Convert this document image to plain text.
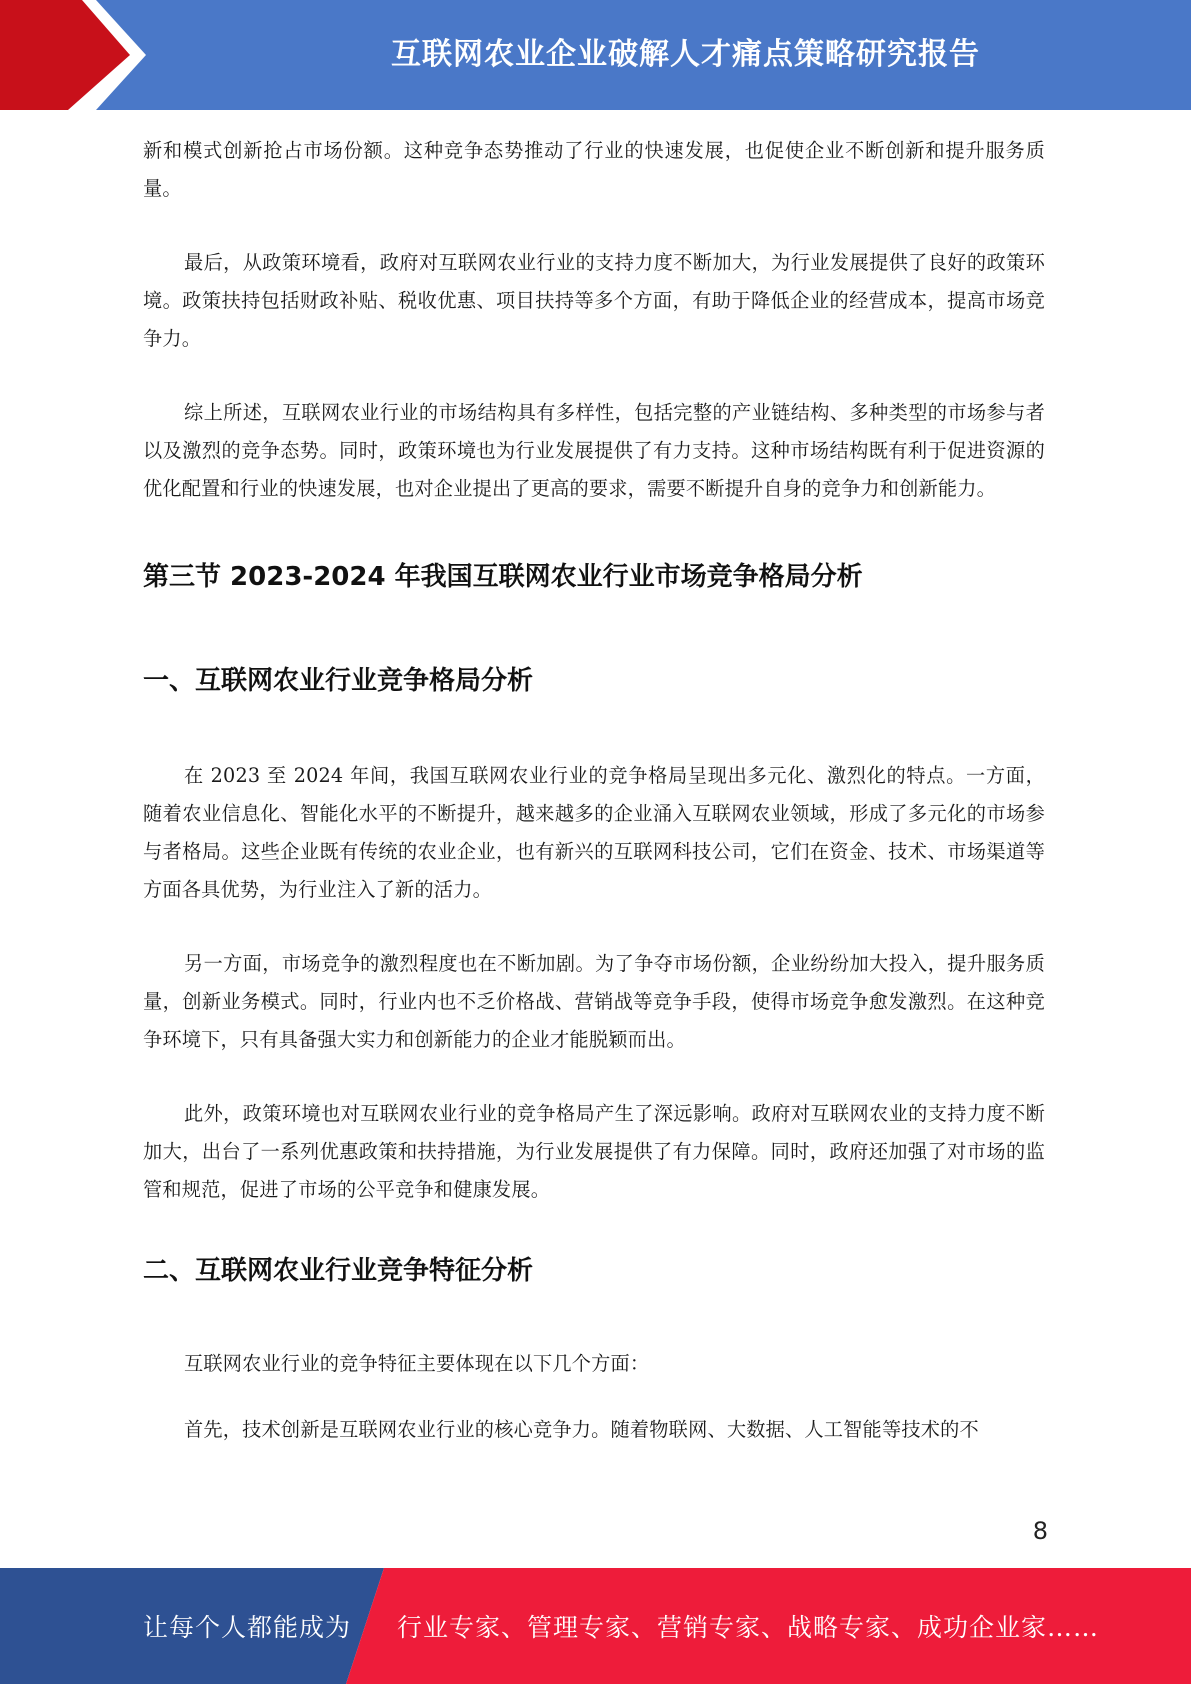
互联网农业企业破解人才痛点策略研究报告

新和模式创新抢占市场份额。这种竞争态势推动了行业的快速发展，也促使企业不断创新和提升服务质量。

最后，从政策环境看，政府对互联网农业行业的支持力度不断加大，为行业发展提供了良好的政策环境。政策扶持包括财政补贴、税收优惠、项目扶持等多个方面，有助于降低企业的经营成本，提高市场竞争力。

综上所述，互联网农业行业的市场结构具有多样性，包括完整的产业链结构、多种类型的市场参与者以及激烈的竞争态势。同时，政策环境也为行业发展提供了有力支持。这种市场结构既有利于促进资源的优化配置和行业的快速发展，也对企业提出了更高的要求，需要不断提升自身的竞争力和创新能力。

第三节 2023-2024 年我国互联网农业行业市场竞争格局分析
一、互联网农业行业竞争格局分析

在 2023 至 2024 年间，我国互联网农业行业的竞争格局呈现出多元化、激烈化的特点。一方面，随着农业信息化、智能化水平的不断提升，越来越多的企业涌入互联网农业领域，形成了多元化的市场参与者格局。这些企业既有传统的农业企业，也有新兴的互联网科技公司，它们在资金、技术、市场渠道等方面各具优势，为行业注入了新的活力。

另一方面，市场竞争的激烈程度也在不断加剧。为了争夺市场份额，企业纷纷加大投入，提升服务质量，创新业务模式。同时，行业内也不乏价格战、营销战等竞争手段，使得市场竞争愈发激烈。在这种竞争环境下，只有具备强大实力和创新能力的企业才能脱颖而出。

此外，政策环境也对互联网农业行业的竞争格局产生了深远影响。政府对互联网农业的支持力度不断加大，出台了一系列优惠政策和扶持措施，为行业发展提供了有力保障。同时，政府还加强了对市场的监管和规范，促进了市场的公平竞争和健康发展。

二、互联网农业行业竞争特征分析

互联网农业行业的竞争特征主要体现在以下几个方面：

首先，技术创新是互联网农业行业的核心竞争力。随着物联网、大数据、人工智能等技术的不

8
让每个人都能成为 行业专家、管理专家、营销专家、战略专家、成功企业家……
